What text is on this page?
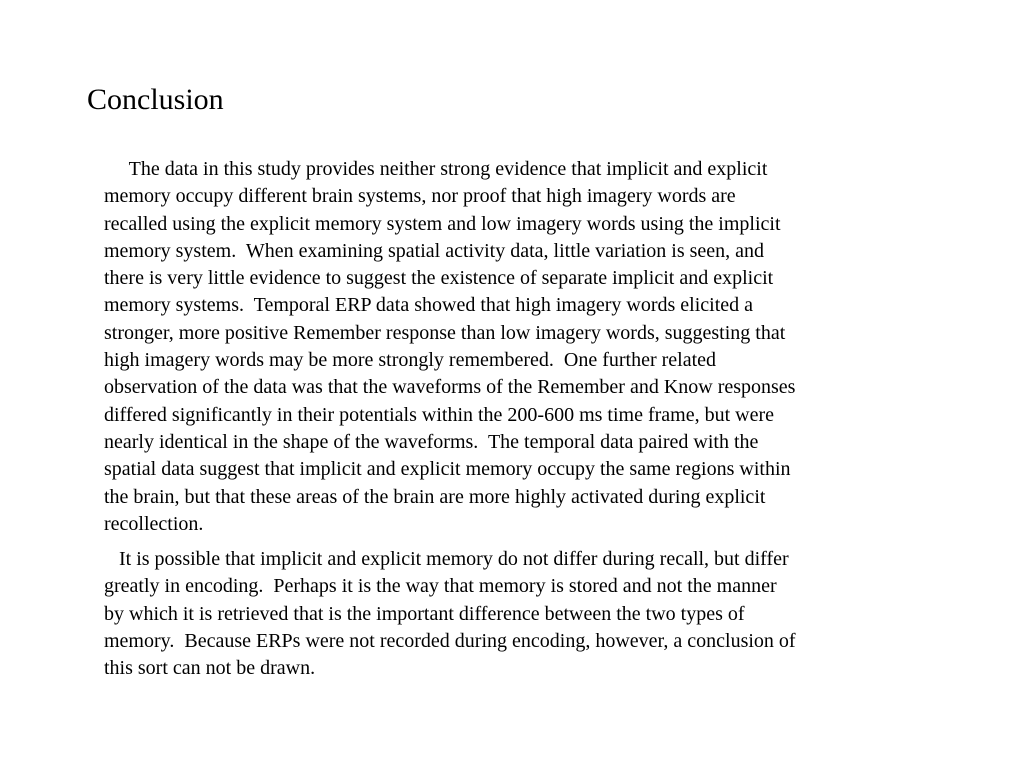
Conclusion
The data in this study provides neither strong evidence that implicit and explicit
memory occupy different brain systems, nor proof that high imagery words are
recalled using the explicit memory system and low imagery words using the implicit
memory system.  When examining spatial activity data, little variation is seen, and
there is very little evidence to suggest the existence of separate implicit and explicit
memory systems.  Temporal ERP data showed that high imagery words elicited a
stronger, more positive Remember response than low imagery words, suggesting that
high imagery words may be more strongly remembered.  One further related
observation of the data was that the waveforms of the Remember and Know responses
differed significantly in their potentials within the 200-600 ms time frame, but were
nearly identical in the shape of the waveforms.  The temporal data paired with the
spatial data suggest that implicit and explicit memory occupy the same regions within
the brain, but that these areas of the brain are more highly activated during explicit
recollection.
It is possible that implicit and explicit memory do not differ during recall, but differ
greatly in encoding.  Perhaps it is the way that memory is stored and not the manner
by which it is retrieved that is the important difference between the two types of
memory.  Because ERPs were not recorded during encoding, however, a conclusion of
this sort can not be drawn.
